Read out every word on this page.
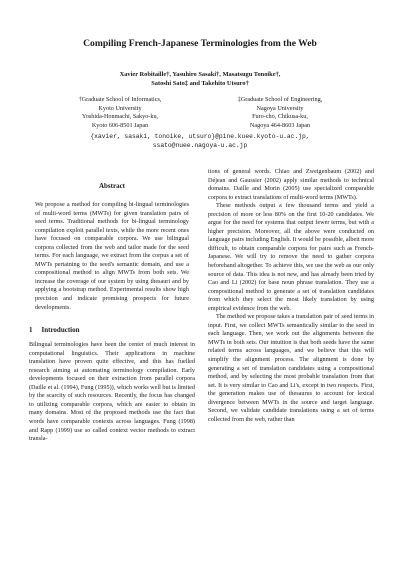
Compiling French-Japanese Terminologies from the Web
Xavier Robitaille†, Yasuhiro Sasaki†, Masatsugu Tonoike†,
Satoshi Sato‡ and Takehito Utsuro†
†Graduate School of Informatics,
Kyoto University
Yoshida-Honmachi, Sakyo-ku,
Kyoto 606-8501 Japan
‡Graduate School of Engineering,
Nagoya University
Furo-cho, Chikusa-ku,
Nagoya 464-8603 Japan
{xavier, sasaki, tonoike, utsuro}@pine.kuee.kyoto-u.ac.jp,
ssato@nuee.nagoya-u.ac.jp
Abstract

We propose a method for compiling bi-lingual terminologies of multi-word terms (MWTs) for given translation pairs of seed terms. Traditional methods for bi-lingual terminology compilation exploit parallel texts, while the more recent ones have focused on comparable corpora. We use bilingual corpora collected from the web and tailor made for the seed terms. For each language, we extract from the corpus a set of MWTs pertaining to the seed's semantic domain, and use a compositional method to align MWTs from both sets. We increase the coverage of our system by using thesauri and by applying a bootstrap method. Experimental results show high precision and indicate promising prospects for future developments.

1 Introduction

Bilingual terminologies have been the center of much interest in computational linguistics. Their applications in machine translation have proven quite effective, and this has fuelled research aiming at automating terminology compilation. Early developments focused on their extraction from parallel corpora (Daille et al. (1994), Fung (1995)), which works well but is limited by the scarcity of such resources. Recently, the focus has changed to utilizing comparable corpora, which are easier to obtain in many domains. Most of the proposed methods use the fact that words have comparable contexts across languages. Fung (1998) and Rapp (1999) use so called context vector methods to extract transla-

tions of general words. Chiao and Zweigenbaum (2002) and Déjean and Gaussier (2002) apply similar methods to technical domains. Daille and Morin (2005) use specialized comparable corpora to extract translations of multi-word terms (MWTs).

These methods output a few thousand terms and yield a precision of more or less 80% on the first 10-20 candidates. We argue for the need for systems that output fewer terms, but with a higher precision. Moreover, all the above were conducted on language pairs including English. It would be possible, albeit more difficult, to obtain comparable corpora for pairs such as French-Japanese. We will try to remove the need to gather corpora beforehand altogether. To achieve this, we use the web as our only source of data. This idea is not new, and has already been tried by Cao and Li (2002) for base noun phrase translation. They use a compositional method to generate a set of translation candidates from which they select the most likely translation by using empirical evidence from the web.

The method we propose takes a translation pair of seed terms in input. First, we collect MWTs semantically similar to the seed in each language. Then, we work out the alignments between the MWTs in both sets. Our intuition is that both seeds have the same related terms across languages, and we believe that this will simplify the alignment process. The alignment is done by generating a set of translation candidates using a compositional method, and by selecting the most probable translation from that set. It is very similar to Cao and Li's, except in two respects. First, the generation makes use of thesaurus to account for lexical divergence between MWTs in the source and target language. Second, we validate candidate translations using a set of terms collected from the web, rather than
